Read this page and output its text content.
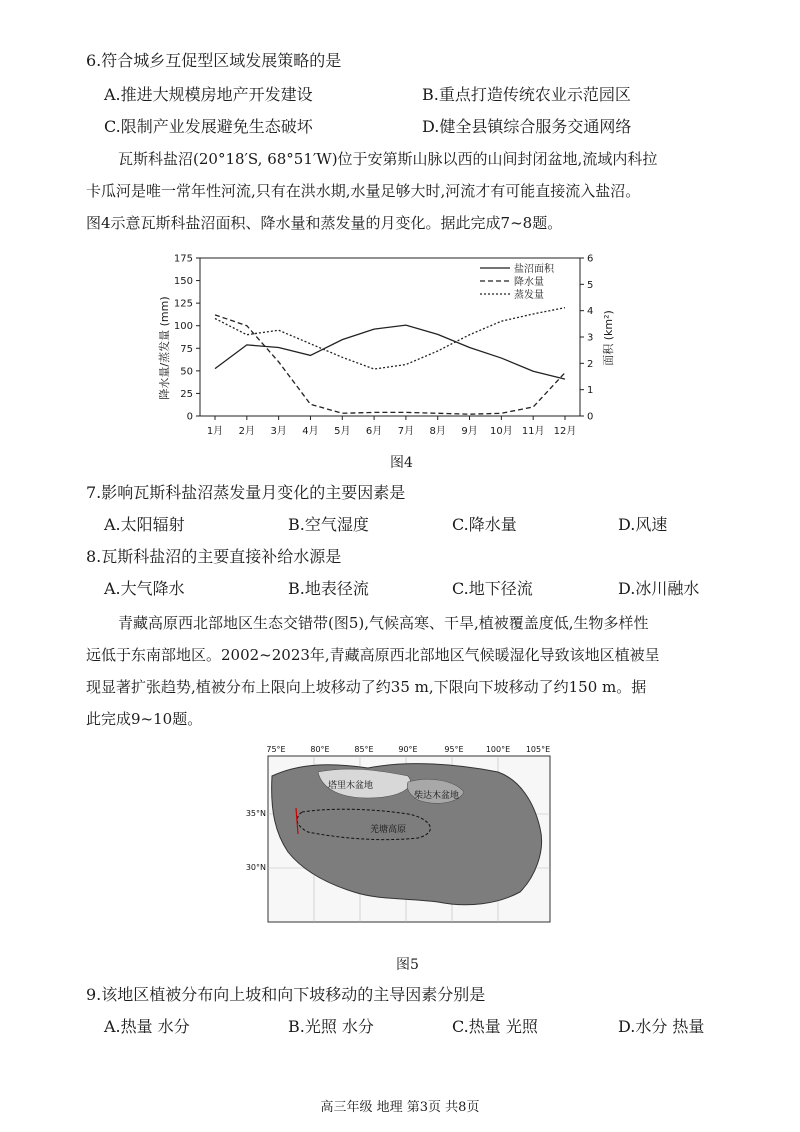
6.符合城乡互促型区域发展策略的是
A.推进大规模房地产开发建设	B.重点打造传统农业示范园区
C.限制产业发展避免生态破坏	D.健全县镇综合服务交通网络
瓦斯科盐沼(20°18′S, 68°51′W)位于安第斯山脉以西的山间封闭盆地,流域内科拉
卡瓜河是唯一常年性河流,只有在洪水期,水量足够大时,河流才有可能直接流入盐沼。
图4示意瓦斯科盐沼面积、降水量和蒸发量的月变化。据此完成7~8题。
0
25
50
75
100
125
150
175
0
1
2
3
4
5
6
1月 2月 3月 4月 5月 6月 7月 8月 9月 10月 11月 12月
降水量/蒸发量 (mm)	面积 (km²)
盐沼面积
降水量
蒸发量
图4
7.影响瓦斯科盐沼蒸发量月变化的主要因素是
A.太阳辐射	B.空气湿度	C.降水量	D.风速
8.瓦斯科盐沼的主要直接补给水源是
A.大气降水	B.地表径流	C.地下径流	D.冰川融水
青藏高原西北部地区生态交错带(图5),气候高寒、干旱,植被覆盖度低,生物多样性
远低于东南部地区。2002~2023年,青藏高原西北部地区气候暖湿化导致该地区植被呈
现显著扩张趋势,植被分布上限向上坡移动了约35 m,下限向下坡移动了约150 m。据
此完成9~10题。
75°E	80°E	85°E	90°E	95°E	100°E 105°E
35°N
30°N
塔里木盆地
柴达木盆地
羌塘高原
图5
9.该地区植被分布向上坡和向下坡移动的主导因素分别是
A.热量 水分	B.光照 水分	C.热量 光照	D.水分 热量
高三年级 地理 第3页 共8页
